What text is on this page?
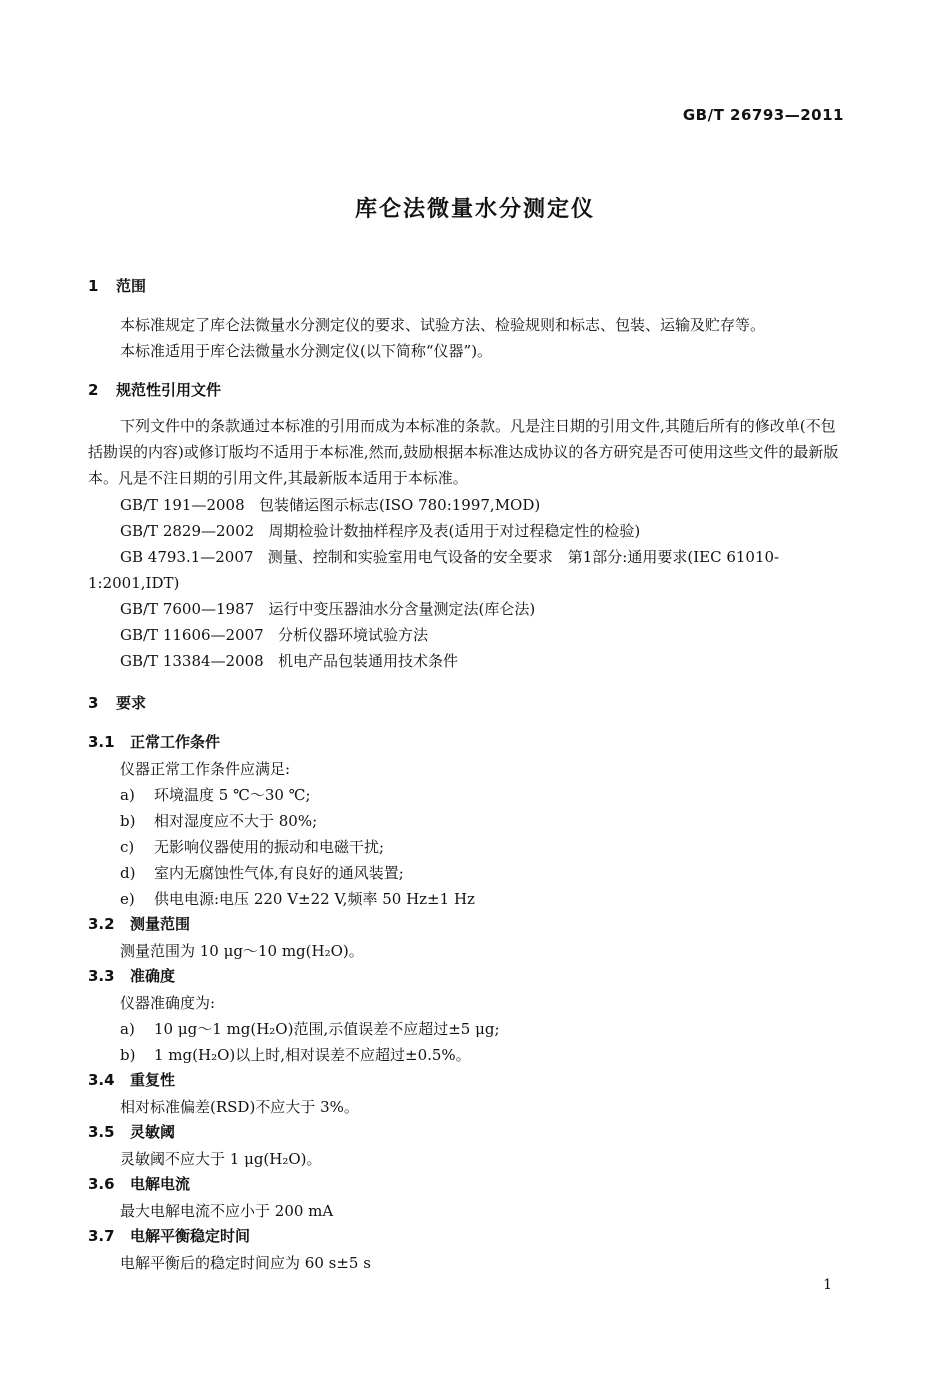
GB/T 26793—2011
库仑法微量水分测定仪
1 范围
本标准规定了库仑法微量水分测定仪的要求、试验方法、检验规则和标志、包装、运输及贮存等。
本标准适用于库仑法微量水分测定仪(以下简称“仪器”)。
2 规范性引用文件

下列文件中的条款通过本标准的引用而成为本标准的条款。凡是注日期的引用文件,其随后所有的修改单(不包括勘误的内容)或修订版均不适用于本标准,然而,鼓励根据本标准达成协议的各方研究是否可使用这些文件的最新版本。凡是不注日期的引用文件,其最新版本适用于本标准。

GB/T 191—2008 包装储运图示标志(ISO 780:1997,MOD)
GB/T 2829—2002 周期检验计数抽样程序及表(适用于对过程稳定性的检验)
GB 4793.1—2007 测量、控制和实验室用电气设备的安全要求　第1部分:通用要求(IEC 61010-
1:2001,IDT)
GB/T 7600—1987 运行中变压器油水分含量测定法(库仑法)
GB/T 11606—2007 分析仪器环境试验方法
GB/T 13384—2008 机电产品包装通用技术条件
3 要求
3.1 正常工作条件
仪器正常工作条件应满足:
a) 环境温度 5 ℃～30 ℃;
b) 相对湿度应不大于 80%;
c) 无影响仪器使用的振动和电磁干扰;
d) 室内无腐蚀性气体,有良好的通风装置;
e) 供电电源:电压 220 V±22 V,频率 50 Hz±1 Hz
3.2 测量范围
测量范围为 10 μg～10 mg(H₂O)。
3.3 准确度
仪器准确度为:
a) 10 μg～1 mg(H₂O)范围,示值误差不应超过±5 μg;
b) 1 mg(H₂O)以上时,相对误差不应超过±0.5%。
3.4 重复性
相对标准偏差(RSD)不应大于 3%。
3.5 灵敏阈
灵敏阈不应大于 1 μg(H₂O)。
3.6 电解电流
最大电解电流不应小于 200 mA
3.7 电解平衡稳定时间
电解平衡后的稳定时间应为 60 s±5 s
1
